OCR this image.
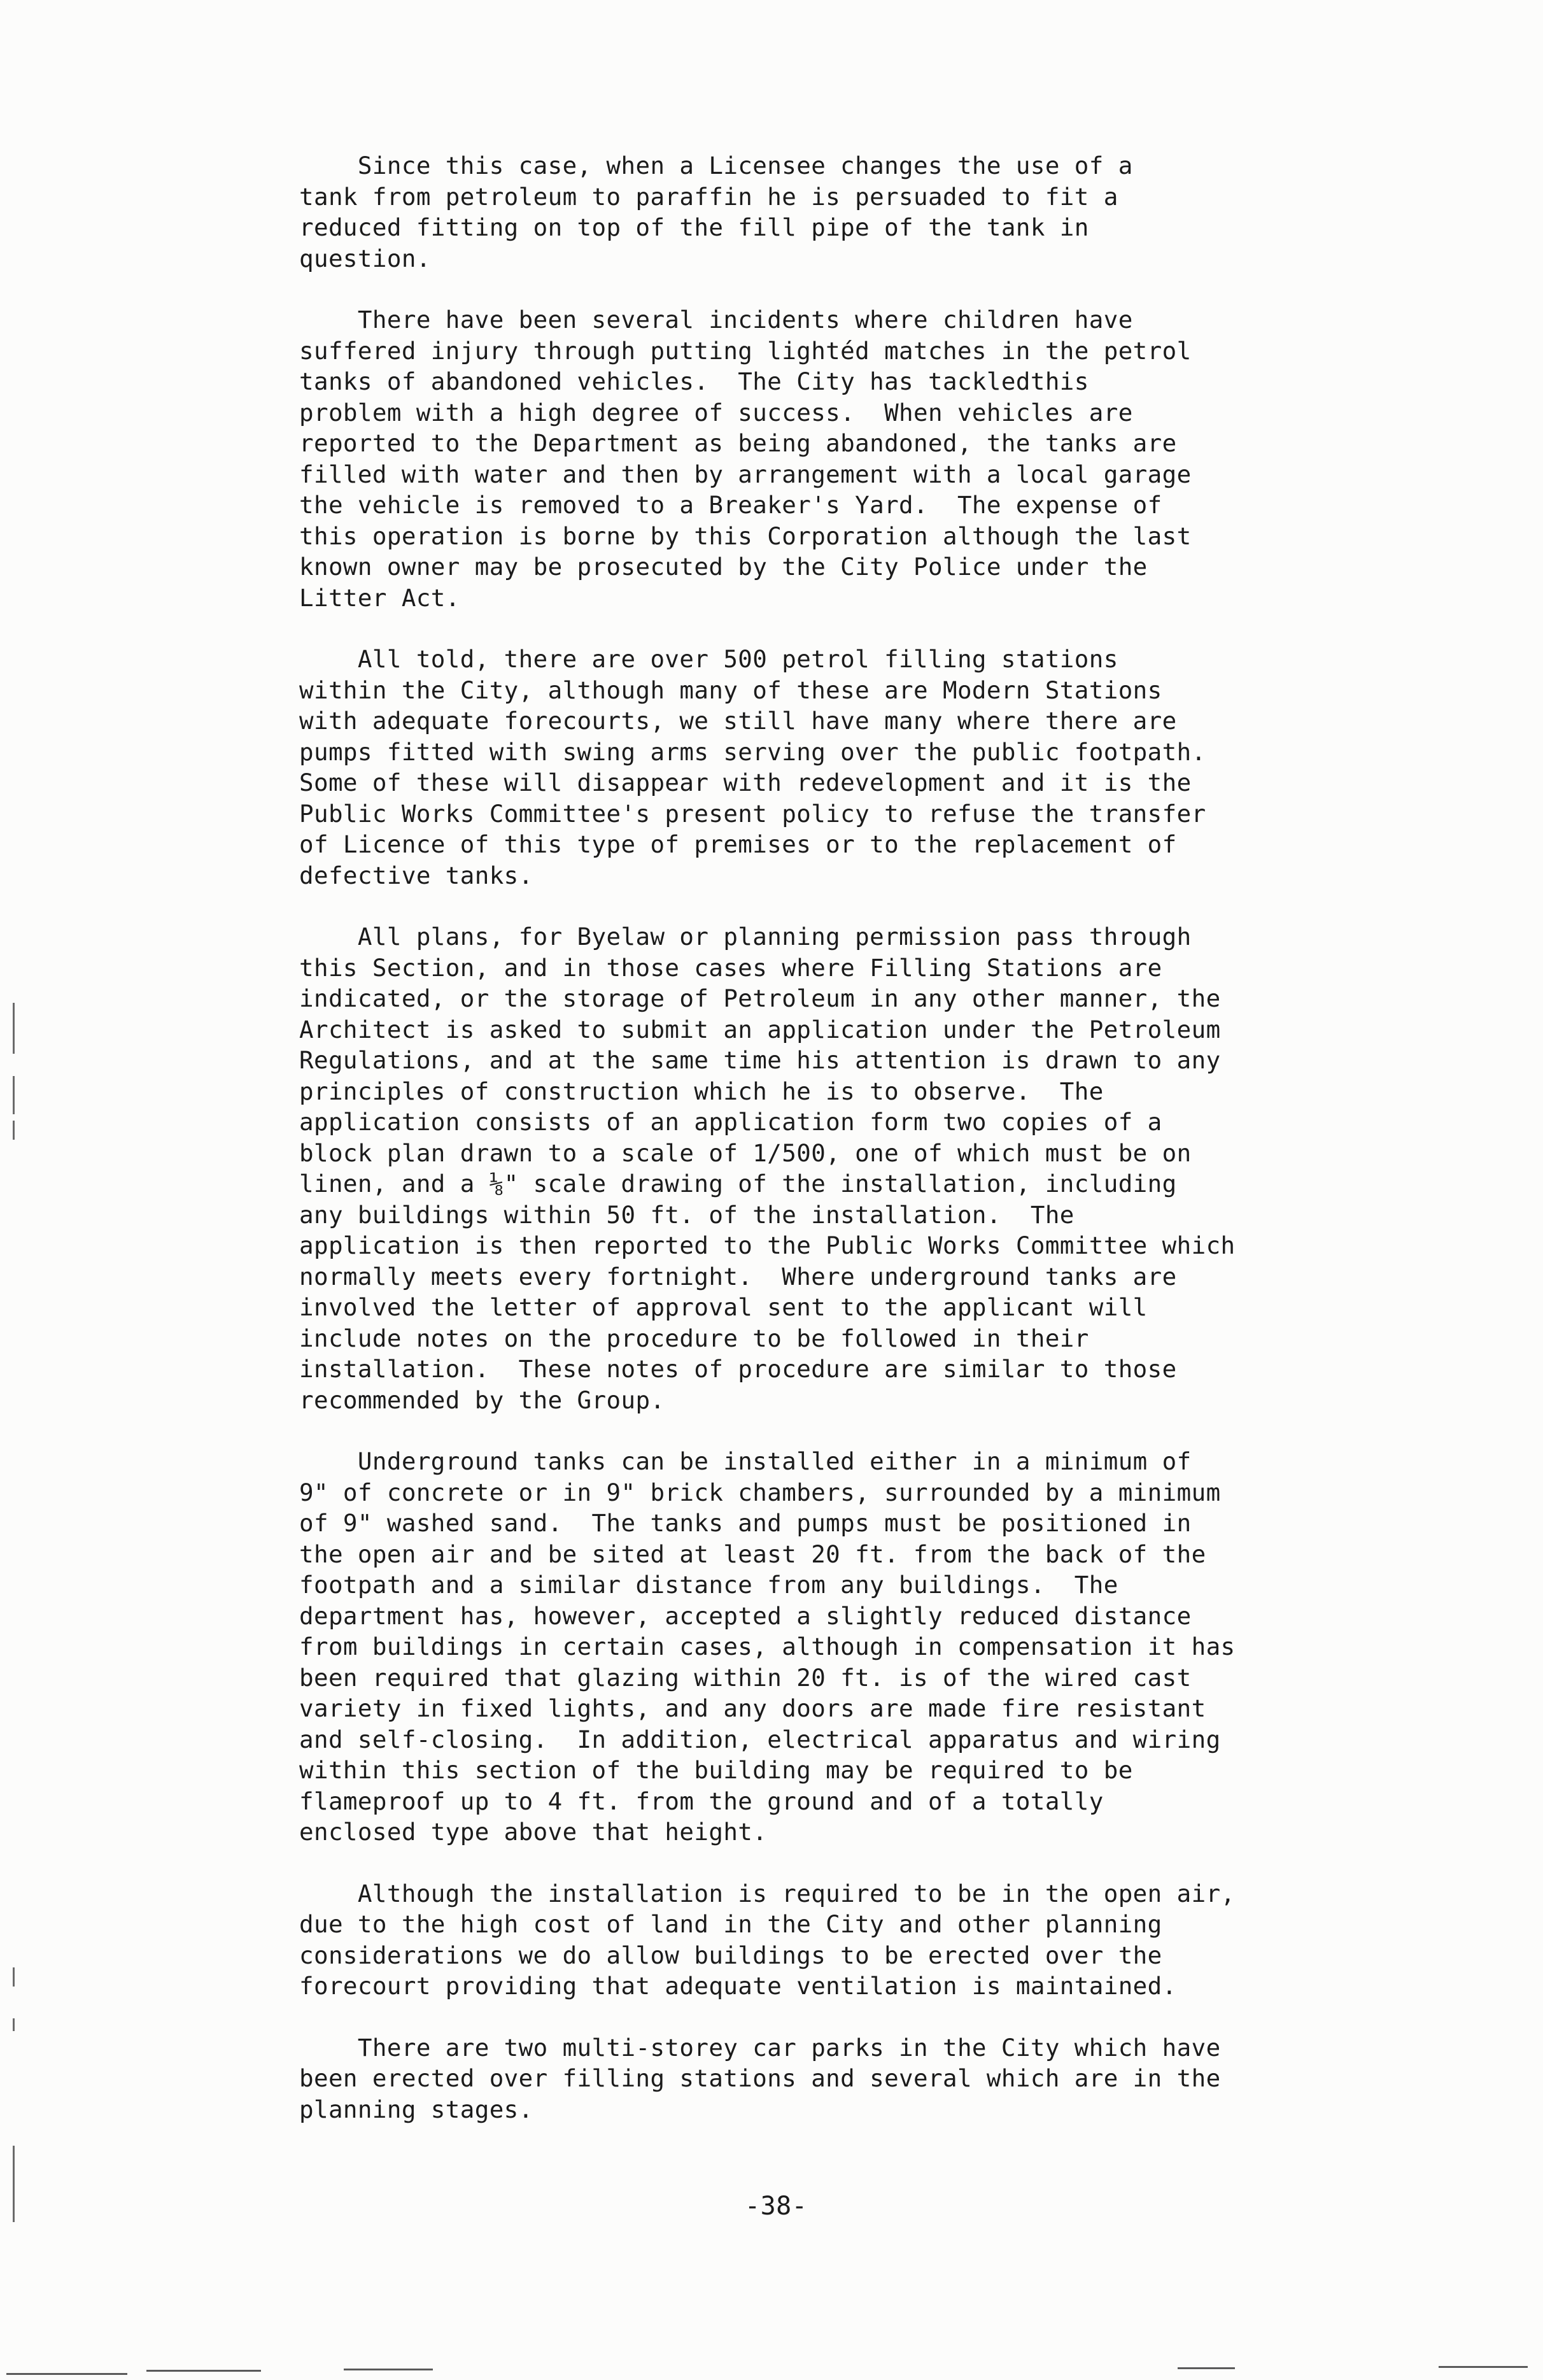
Since this case, when a Licensee changes the use of a
tank from petroleum to paraffin he is persuaded to fit a
reduced fitting on top of the fill pipe of the tank in
question.
There have been several incidents where children have
suffered injury through putting lightéd matches in the petrol
tanks of abandoned vehicles.  The City has tackledthis
problem with a high degree of success.  When vehicles are
reported to the Department as being abandoned, the tanks are
filled with water and then by arrangement with a local garage
the vehicle is removed to a Breaker's Yard.  The expense of
this operation is borne by this Corporation although the last
known owner may be prosecuted by the City Police under the
Litter Act.
All told, there are over 500 petrol filling stations
within the City, although many of these are Modern Stations
with adequate forecourts, we still have many where there are
pumps fitted with swing arms serving over the public footpath.
Some of these will disappear with redevelopment and it is the
Public Works Committee's present policy to refuse the transfer
of Licence of this type of premises or to the replacement of
defective tanks.
All plans, for Byelaw or planning permission pass through
this Section, and in those cases where Filling Stations are
indicated, or the storage of Petroleum in any other manner, the
Architect is asked to submit an application under the Petroleum
Regulations, and at the same time his attention is drawn to any
principles of construction which he is to observe.  The
application consists of an application form two copies of a
block plan drawn to a scale of 1/500, one of which must be on
linen, and a ⅛" scale drawing of the installation, including
any buildings within 50 ft. of the installation.  The
application is then reported to the Public Works Committee which
normally meets every fortnight.  Where underground tanks are
involved the letter of approval sent to the applicant will
include notes on the procedure to be followed in their
installation.  These notes of procedure are similar to those
recommended by the Group.
Underground tanks can be installed either in a minimum of
9" of concrete or in 9" brick chambers, surrounded by a minimum
of 9" washed sand.  The tanks and pumps must be positioned in
the open air and be sited at least 20 ft. from the back of the
footpath and a similar distance from any buildings.  The
department has, however, accepted a slightly reduced distance
from buildings in certain cases, although in compensation it has
been required that glazing within 20 ft. is of the wired cast
variety in fixed lights, and any doors are made fire resistant
and self-closing.  In addition, electrical apparatus and wiring
within this section of the building may be required to be
flameproof up to 4 ft. from the ground and of a totally
enclosed type above that height.
Although the installation is required to be in the open air,
due to the high cost of land in the City and other planning
considerations we do allow buildings to be erected over the
forecourt providing that adequate ventilation is maintained.
There are two multi-storey car parks in the City which have
been erected over filling stations and several which are in the
planning stages.
-38-
